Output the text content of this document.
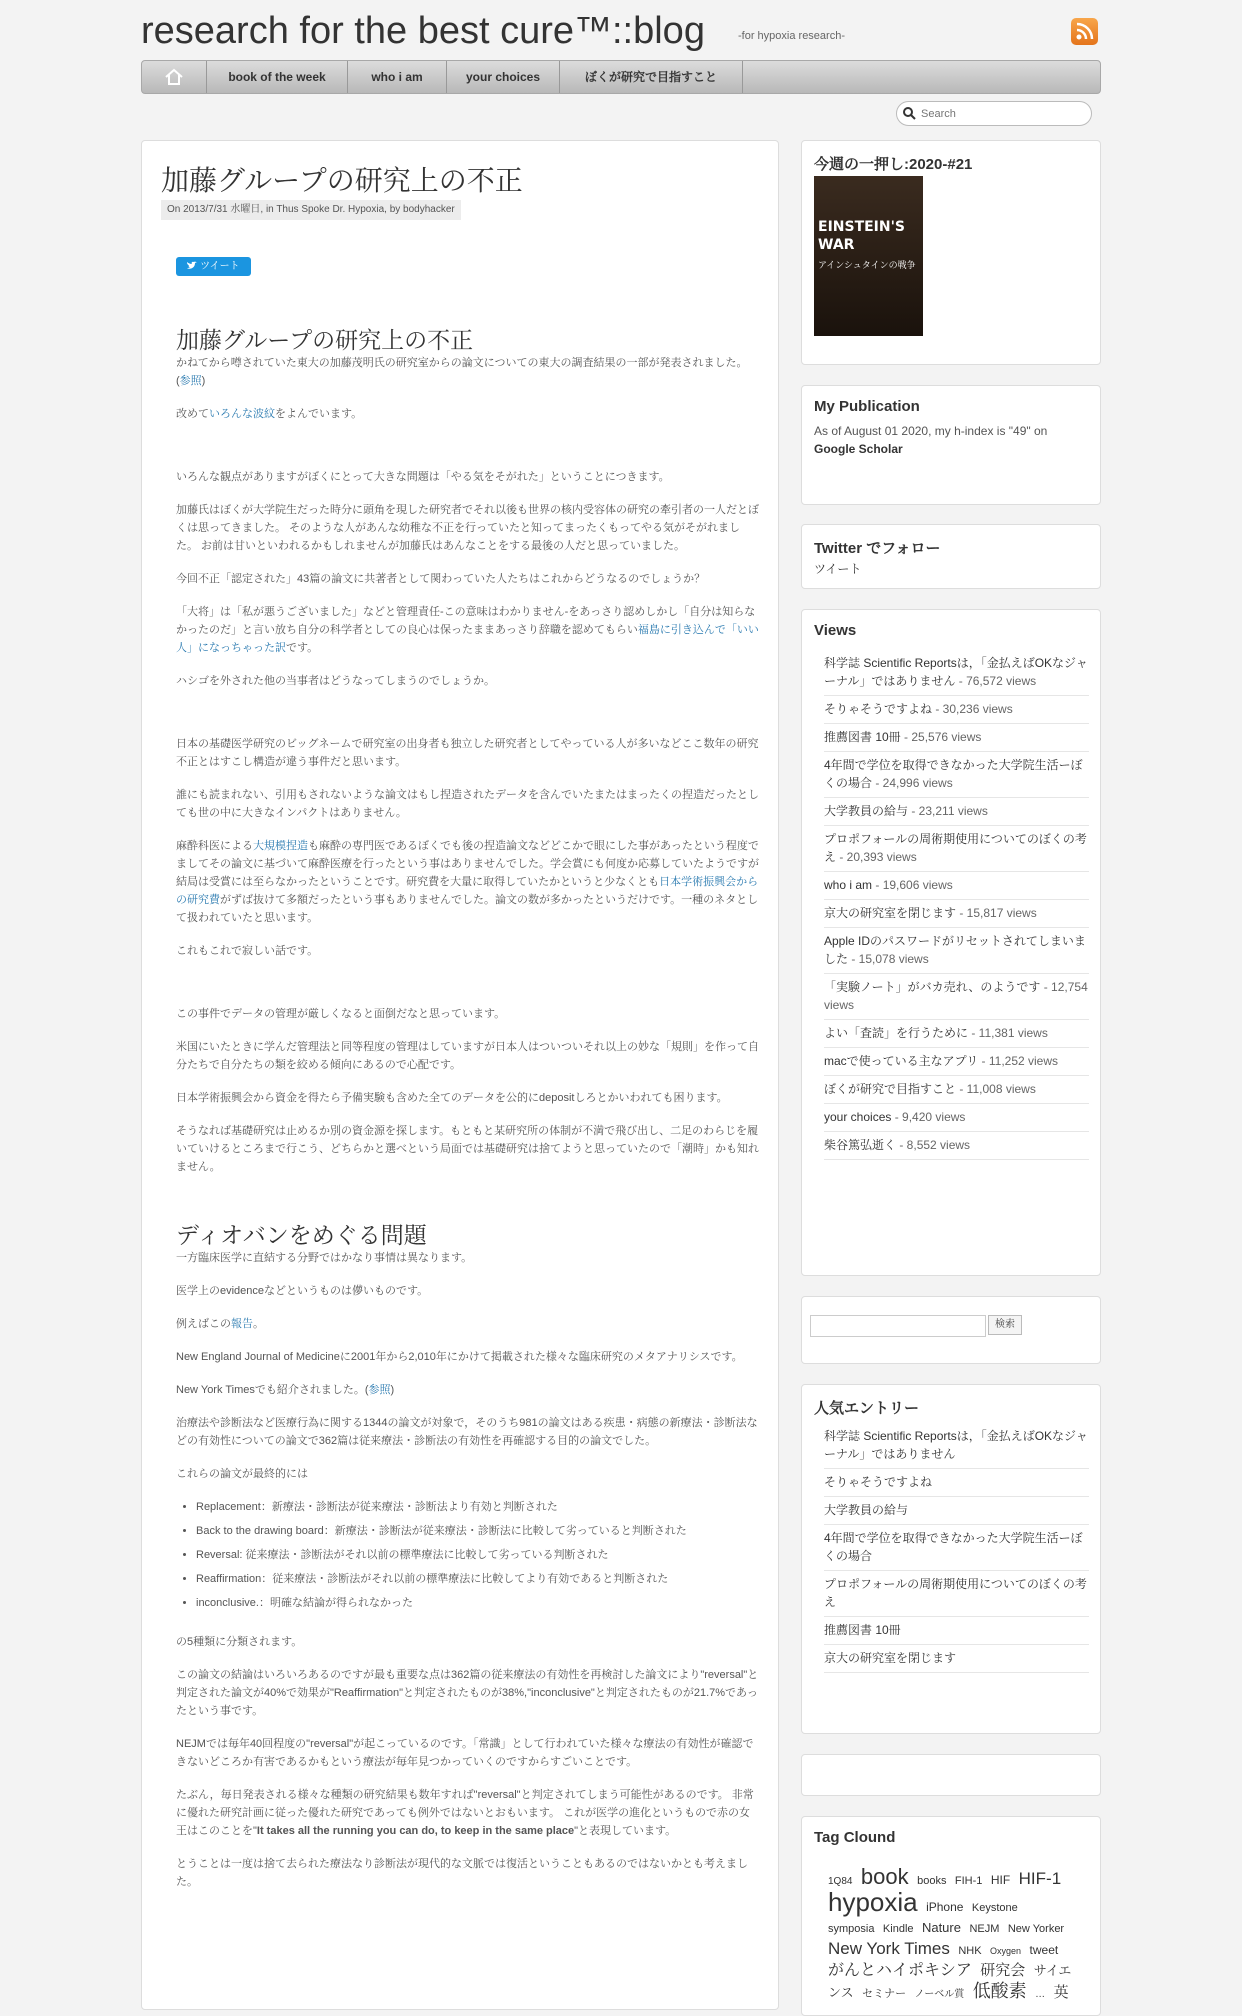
research for the best cure™::blog	-for hypoxia research-
book of the week	who i am	your choices	ぼくが研究で目指すこと
Search
加藤グループの研究上の不正
On 2013/7/31 水曜日, in Thus Spoke Dr. Hypoxia, by bodyhacker
ツイート
加藤グループの研究上の不正

かねてから噂されていた東大の加藤茂明氏の研究室からの論文についての東大の調査結果の一部が発表されました。(参照)

改めていろんな波紋をよんでいます。

いろんな観点がありますがぼくにとって大きな問題は「やる気をそがれた」ということにつきます。

加藤氏はぼくが大学院生だった時分に頭角を現した研究者でそれ以後も世界の核内受容体の研究の牽引者の一人だとぼくは思ってきました。 そのような人があんな幼稚な不正を行っていたと知ってまったくもってやる気がそがれました。 お前は甘いといわれるかもしれませんが加藤氏はあんなことをする最後の人だと思っていました。

今回不正「認定された」43篇の論文に共著者として関わっていた人たちはこれからどうなるのでしょうか？

「大将」は「私が悪うございました」などと管理責任-この意味はわかりません-をあっさり認めしかし「自分は知らなかったのだ」と言い放ち自分の科学者としての良心は保ったままあっさり辞職を認めてもらい福島に引き込んで「いい人」になっちゃった訳です。

ハシゴを外された他の当事者はどうなってしまうのでしょうか。

日本の基礎医学研究のビッグネームで研究室の出身者も独立した研究者としてやっている人が多いなどここ数年の研究不正とはすこし構造が違う事件だと思います。

誰にも読まれない、引用もされないような論文はもし捏造されたデータを含んでいたまたはまったくの捏造だったとしても世の中に大きなインパクトはありません。

麻酔科医による大規模捏造も麻酔の専門医であるぼくでも後の捏造論文などどこかで眼にした事があったという程度でましてその論文に基づいて麻酔医療を行ったという事はありませんでした。学会賞にも何度か応募していたようですが結局は受賞には至らなかったということです。研究費を大量に取得していたかというと少なくとも日本学術振興会からの研究費がずば抜けて多額だったという事もありませんでした。論文の数が多かったというだけです。一種のネタとして扱われていたと思います。

これもこれで寂しい話です。

この事件でデータの管理が厳しくなると面倒だなと思っています。

米国にいたときに学んだ管理法と同等程度の管理はしていますが日本人はついついそれ以上の妙な「規則」を作って自分たちで自分たちの類を絞める傾向にあるので心配です。

日本学術振興会から資金を得たら予備実験も含めた全てのデータを公的にdepositしろとかいわれても困ります。

そうなれば基礎研究は止めるか別の資金源を探します。もともと某研究所の体制が不満で飛び出し、二足のわらじを履いていけるところまで行こう、どちらかと選べという局面では基礎研究は捨てようと思っていたので「潮時」かも知れません。

ディオバンをめぐる問題

一方臨床医学に直結する分野ではかなり事情は異なります。

医学上のevidenceなどというものは儚いものです。

例えばこの報告。

New England Journal of Medicineに2001年から2,010年にかけて掲載された様々な臨床研究のメタアナリシスです。

New York Timesでも紹介されました。(参照)

治療法や診断法など医療行為に関する1344の論文が対象で，そのうち981の論文はある疾患・病態の新療法・診断法などの有効性についての論文で362篇は従来療法・診断法の有効性を再確認する目的の論文でした。

これらの論文が最終的には

• Replacement：新療法・診断法が従来療法・診断法より有効と判断された
• Back to the drawing board：新療法・診断法が従来療法・診断法に比較して劣っていると判断された
• Reversal: 従来療法・診断法がそれ以前の標準療法に比較して劣っている判断された
• Reaffirmation：従来療法・診断法がそれ以前の標準療法に比較してより有効であると判断された
• inconclusive.：明確な結論が得られなかった

の5種類に分類されます。

この論文の結論はいろいろあるのですが最も重要な点は362篇の従来療法の有効性を再検討した論文により"reversal"と判定された論文が40%で効果が"Reaffirmation"と判定されたものが38%,"inconclusive"と判定されたものが21.7%であったという事です。

NEJMでは毎年40回程度の"reversal"が起こっているのです。「常識」として行われていた様々な療法の有効性が確認できないどころか有害であるかもという療法が毎年見つかっていくのですからすごいことです。

たぶん，毎日発表される様々な種類の研究結果も数年すれば"reversal"と判定されてしまう可能性があるのです。 非常に優れた研究計画に従った優れた研究であっても例外ではないとおもいます。 これが医学の進化というもので赤の女王はこのことを"It takes all the running you can do, to keep in the same place"と表現しています。

とうことは一度は捨て去られた療法なり診断法が現代的な文脈では復活ということもあるのではないかとも考えました。

今週の一押し:2020-#21
EINSTEIN'S WAR
アインシュタインの戦争
My Publication
As of August 01 2020, my h-index is "49" on Google Scholar
Twitter でフォロー
ツイート
Views
科学誌 Scientific Reportsは，「金払えばOKなジャーナル」ではありません - 76,572 views
そりゃそうですよね - 30,236 views
推薦図書 10冊 - 25,576 views
4年間で学位を取得できなかった大学院生活ーぼくの場合 - 24,996 views
大学教員の給与 - 23,211 views
プロポフォールの周術期使用についてのぼくの考え - 20,393 views
who i am - 19,606 views
京大の研究室を閉じます - 15,817 views
Apple IDのパスワードがリセットされてしまいました - 15,078 views
「実験ノート」がバカ売れ、のようです - 12,754 views
よい「査読」を行うために - 11,381 views
macで使っている主なアプリ - 11,252 views
ぼくが研究で目指すこと - 11,008 views
your choices - 9,420 views
柴谷篤弘逝く - 8,552 views
検索
人気エントリー
科学誌 Scientific Reportsは，「金払えばOKなジャーナル」ではありません
そりゃそうですよね
大学教員の給与
4年間で学位を取得できなかった大学院生活ーぼくの場合
プロポフォールの周術期使用についてのぼくの考え
推薦図書 10冊
京大の研究室を閉じます
Tag Clound
1Q84 book books FIH-1 HIF HIF-1 hypoxia iPhone Keystone symposia Kindle Nature NEJM New Yorker New York Times NHK Oxygen tweet がんとハイポキシア 研究会 サイエンス セミナー ノーベル賞 低酸素 … 英
